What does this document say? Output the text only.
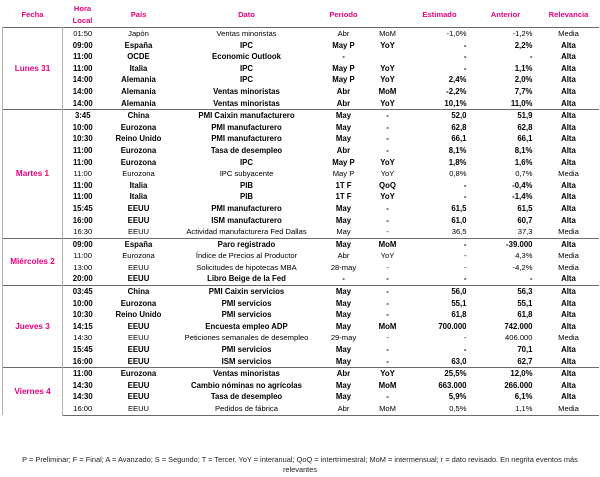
Fecha	Hora
Local	País	Dato	Periodo		Estimado	Anterior	Relevancia
Lunes 31	01:50	Japón	Ventas minoristas	Abr	MoM	-1,0%	-1,2%	Media
	09:00	España	IPC	May P	YoY	-	2,2%	Alta
	11:00	OCDE	Economic Outlook	-		-	-	Alta
	11:00	Italia	IPC	May P	YoY	-	1,1%	Alta
	14:00	Alemania	IPC	May P	YoY	2,4%	2,0%	Alta
	14:00	Alemania	Ventas minoristas	Abr	MoM	-2,2%	7,7%	Alta
	14:00	Alemania	Ventas minoristas	Abr	YoY	10,1%	11,0%	Alta
Martes 1	3:45	China	PMI Caixin manufacturero	May	-	52,0	51,9	Alta
	10:00	Eurozona	PMI manufacturero	May	-	62,8	62,8	Alta
	10:30	Reino Unido	PMI manufacturero	May	-	66,1	66,1	Alta
	11:00	Eurozona	Tasa de desempleo	Abr	-	8,1%	8,1%	Alta
	11:00	Eurozona	IPC	May P	YoY	1,8%	1,6%	Alta
	11:00	Eurozona	IPC subyacente	May P	YoY	0,8%	0,7%	Media
	11:00	Italia	PIB	1T F	QoQ	-	-0,4%	Alta
	11:00	Italia	PIB	1T F	YoY	-	-1,4%	Alta
	15:45	EEUU	PMI manufacturero	May	-	61,5	61,5	Alta
	16:00	EEUU	ISM manufacturero	May	-	61,0	60,7	Alta
	16:30	EEUU	Actividad manufacturera Fed Dallas	May	-	36,5	37,3	Media
Miércoles 2	09:00	España	Paro registrado	May	MoM	-	-39.000	Alta
	11:00	Eurozona	Índice de Precios al Productor	Abr	YoY	-	4,3%	Media
	13:00	EEUU	Solicitudes de hipotecas MBA	28-may	-	-	-4,2%	Media
	20:00	EEUU	Libro Beige de la Fed	-	-	-	-	Alta
Jueves 3	03:45	China	PMI Caixin servicios	May	-	56,0	56,3	Alta
	10:00	Eurozona	PMI servicios	May	-	55,1	55,1	Alta
	10:30	Reino Unido	PMI servicios	May	-	61,8	61,8	Alta
	14:15	EEUU	Encuesta empleo ADP	May	MoM	700.000	742.000	Alta
	14:30	EEUU	Peticiones semanales de desempleo	29-may	-	-	406.000	Media
	15:45	EEUU	PMI servicios	May	-	-	70,1	Alta
	16:00	EEUU	ISM servicios	May	-	63,0	62,7	Alta
Viernes 4	11:00	Eurozona	Ventas minoristas	Abr	YoY	25,5%	12,0%	Alta
	14:30	EEUU	Cambio nóminas no agrícolas	May	MoM	663.000	266.000	Alta
	14:30	EEUU	Tasa de desempleo	May	-	5,9%	6,1%	Alta
	16:00	EEUU	Pedidos de fábrica	Abr	MoM	0,5%	1,1%	Media
P = Preliminar; F = Final; A = Avanzado; S = Segundo; T = Tercer. YoY = interanual; QoQ = intertrimestral; MoM = intermensual; r = dato revisado. En negrita eventos más relevantes
